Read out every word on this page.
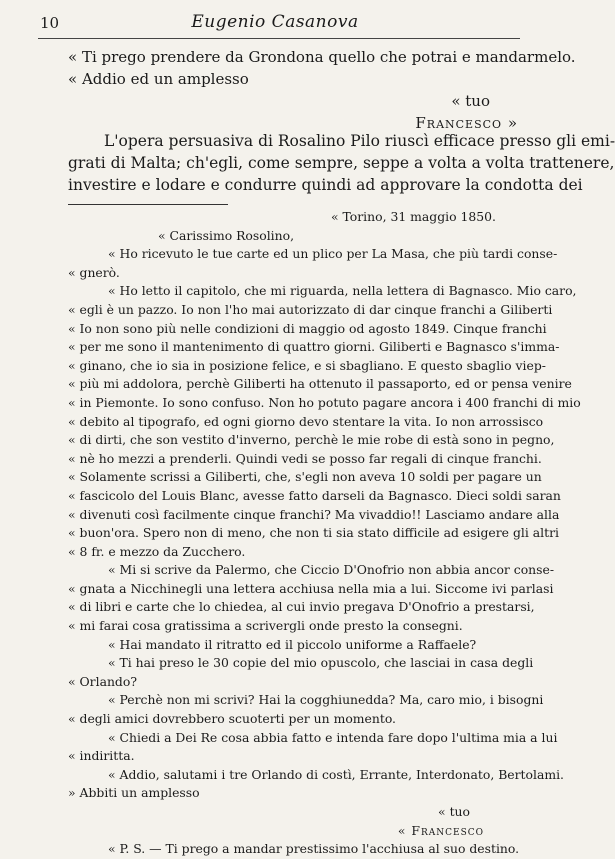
10	Eugenio Casanova
« Ti prego prendere da Grondona quello che potrai e mandarmelo.
« Addio ed un amplesso
« tuo
Francesco »
L'opera persuasiva di Rosalino Pilo riuscì efficace presso gli emi-
grati di Malta; ch'egli, come sempre, seppe a volta a volta trattenere,
investire e lodare e condurre quindi ad approvare la condotta dei
« Torino, 31 maggio 1850.
« Carissimo Rosolino,
« Ho ricevuto le tue carte ed un plico per La Masa, che più tardi conse-
« gnerò.
« Ho letto il capitolo, che mi riguarda, nella lettera di Bagnasco. Mio caro,
« egli è un pazzo. Io non l'ho mai autorizzato di dar cinque franchi a Giliberti
« Io non sono più nelle condizioni di maggio od agosto 1849. Cinque franchi
« per me sono il mantenimento di quattro giorni. Giliberti e Bagnasco s'imma-
« ginano, che io sia in posizione felice, e si sbagliano. E questo sbaglio viep-
« più mi addolora, perchè Giliberti ha ottenuto il passaporto, ed or pensa venire
« in Piemonte. Io sono confuso. Non ho potuto pagare ancora i 400 franchi di mio
« debito al tipografo, ed ogni giorno devo stentare la vita. Io non arrossisco
« di dirti, che son vestito d'inverno, perchè le mie robe di està sono in pegno,
« nè ho mezzi a prenderli. Quindi vedi se posso far regali di cinque franchi.
« Solamente scrissi a Giliberti, che, s'egli non aveva 10 soldi per pagare un
« fascicolo del Louis Blanc, avesse fatto darseli da Bagnasco. Dieci soldi saran
« divenuti così facilmente cinque franchi? Ma vivaddio!! Lasciamo andare alla
« buon'ora. Spero non di meno, che non ti sia stato difficile ad esigere gli altri
« 8 fr. e mezzo da Zucchero.
« Mi si scrive da Palermo, che Ciccio D'Onofrio non abbia ancor conse-
« gnata a Nicchinegli una lettera acchiusa nella mia a lui. Siccome ivi parlasi
« di libri e carte che lo chiedea, al cui invio pregava D'Onofrio a prestarsi,
« mi farai cosa gratissima a scrivergli onde presto la consegni.
« Hai mandato il ritratto ed il piccolo uniforme a Raffaele?
« Ti hai preso le 30 copie del mio opuscolo, che lasciai in casa degli
« Orlando?
« Perchè non mi scrivi? Hai la cogghiunedda? Ma, caro mio, i bisogni
« degli amici dovrebbero scuoterti per un momento.
« Chiedi a Dei Re cosa abbia fatto e intenda fare dopo l'ultima mia a lui
« indiritta.
« Addio, salutami i tre Orlando di costì, Errante, Interdonato, Bertolami.
» Abbiti un amplesso
« tuo
« Francesco
« P. S. — Ti prego a mandar prestissimo l'acchiusa al suo destino.
